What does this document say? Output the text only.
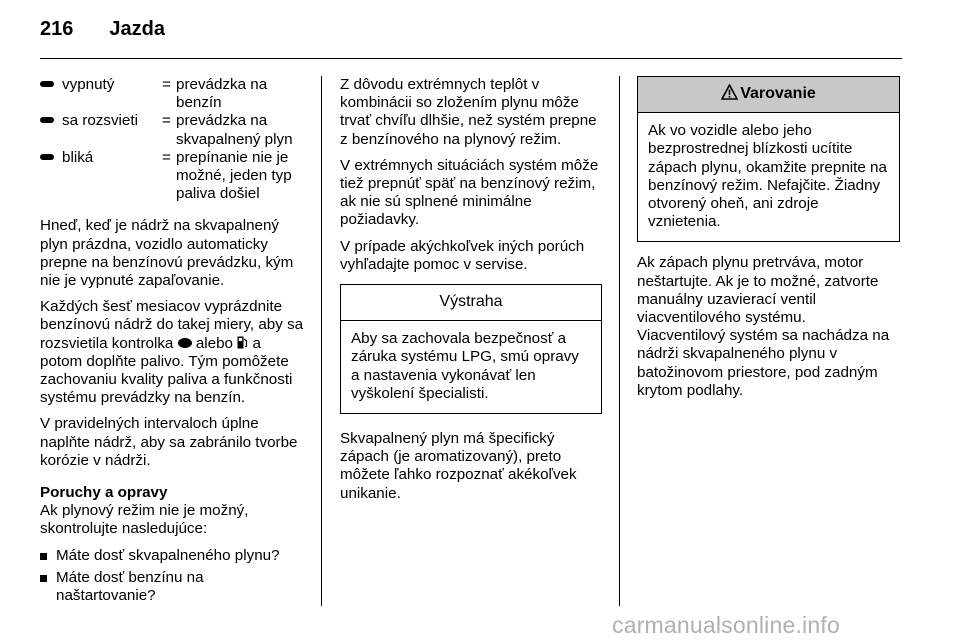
216 Jazda
vypnutý	= prevádzka na benzín
sa rozsvieti	= prevádzka na skvapalnený plyn
bliká	= prepínanie nie je možné, jeden typ paliva došiel

Hneď, keď je nádrž na skvapalnený plyn prázdna, vozidlo automaticky prepne na benzínovú prevádzku, kým nie je vypnuté zapaľovanie.

Každých šesť mesiacov vyprázdnite benzínovú nádrž do takej miery, aby sa rozsvietila kontrolka alebo a potom doplňte palivo. Tým pomôžete zachovaniu kvality paliva a funkčnosti systému prevádzky na benzín.

V pravidelných intervaloch úplne naplňte nádrž, aby sa zabránilo tvorbe korózie v nádrži.

Poruchy a opravy

Ak plynový režim nie je možný, skontrolujte nasledujúce:

Máte dosť skvapalneného plynu?
Máte dosť benzínu na naštartovanie?

Z dôvodu extrémnych teplôt v kombinácii so zložením plynu môže trvať chvíľu dlhšie, než systém prepne z benzínového na plynový režim.

V extrémnych situáciách systém môže tiež prepnúť späť na benzínový režim, ak nie sú splnené minimálne požiadavky.

V prípade akýchkoľvek iných porúch vyhľadajte pomoc v servise.

Výstraha
Aby sa zachovala bezpečnosť a záruka systému LPG, smú opravy a nastavenia vykonávať len vyškolení špecialisti.

Skvapalnený plyn má špecifický zápach (je aromatizovaný), preto môžete ľahko rozpoznať akékoľvek unikanie.

Varovanie
Ak vo vozidle alebo jeho bezprostrednej blízkosti ucítite zápach plynu, okamžite prepnite na benzínový režim. Nefajčite. Žiadny otvorený oheň, ani zdroje vznietenia.

Ak zápach plynu pretrváva, motor neštartujte. Ak je to možné, zatvorte manuálny uzavierací ventil viacventilového systému.

Viacventilový systém sa nachádza na nádrži skvapalneného plynu v batožinovom priestore, pod zadným krytom podlahy.

carmanualsonline.info
